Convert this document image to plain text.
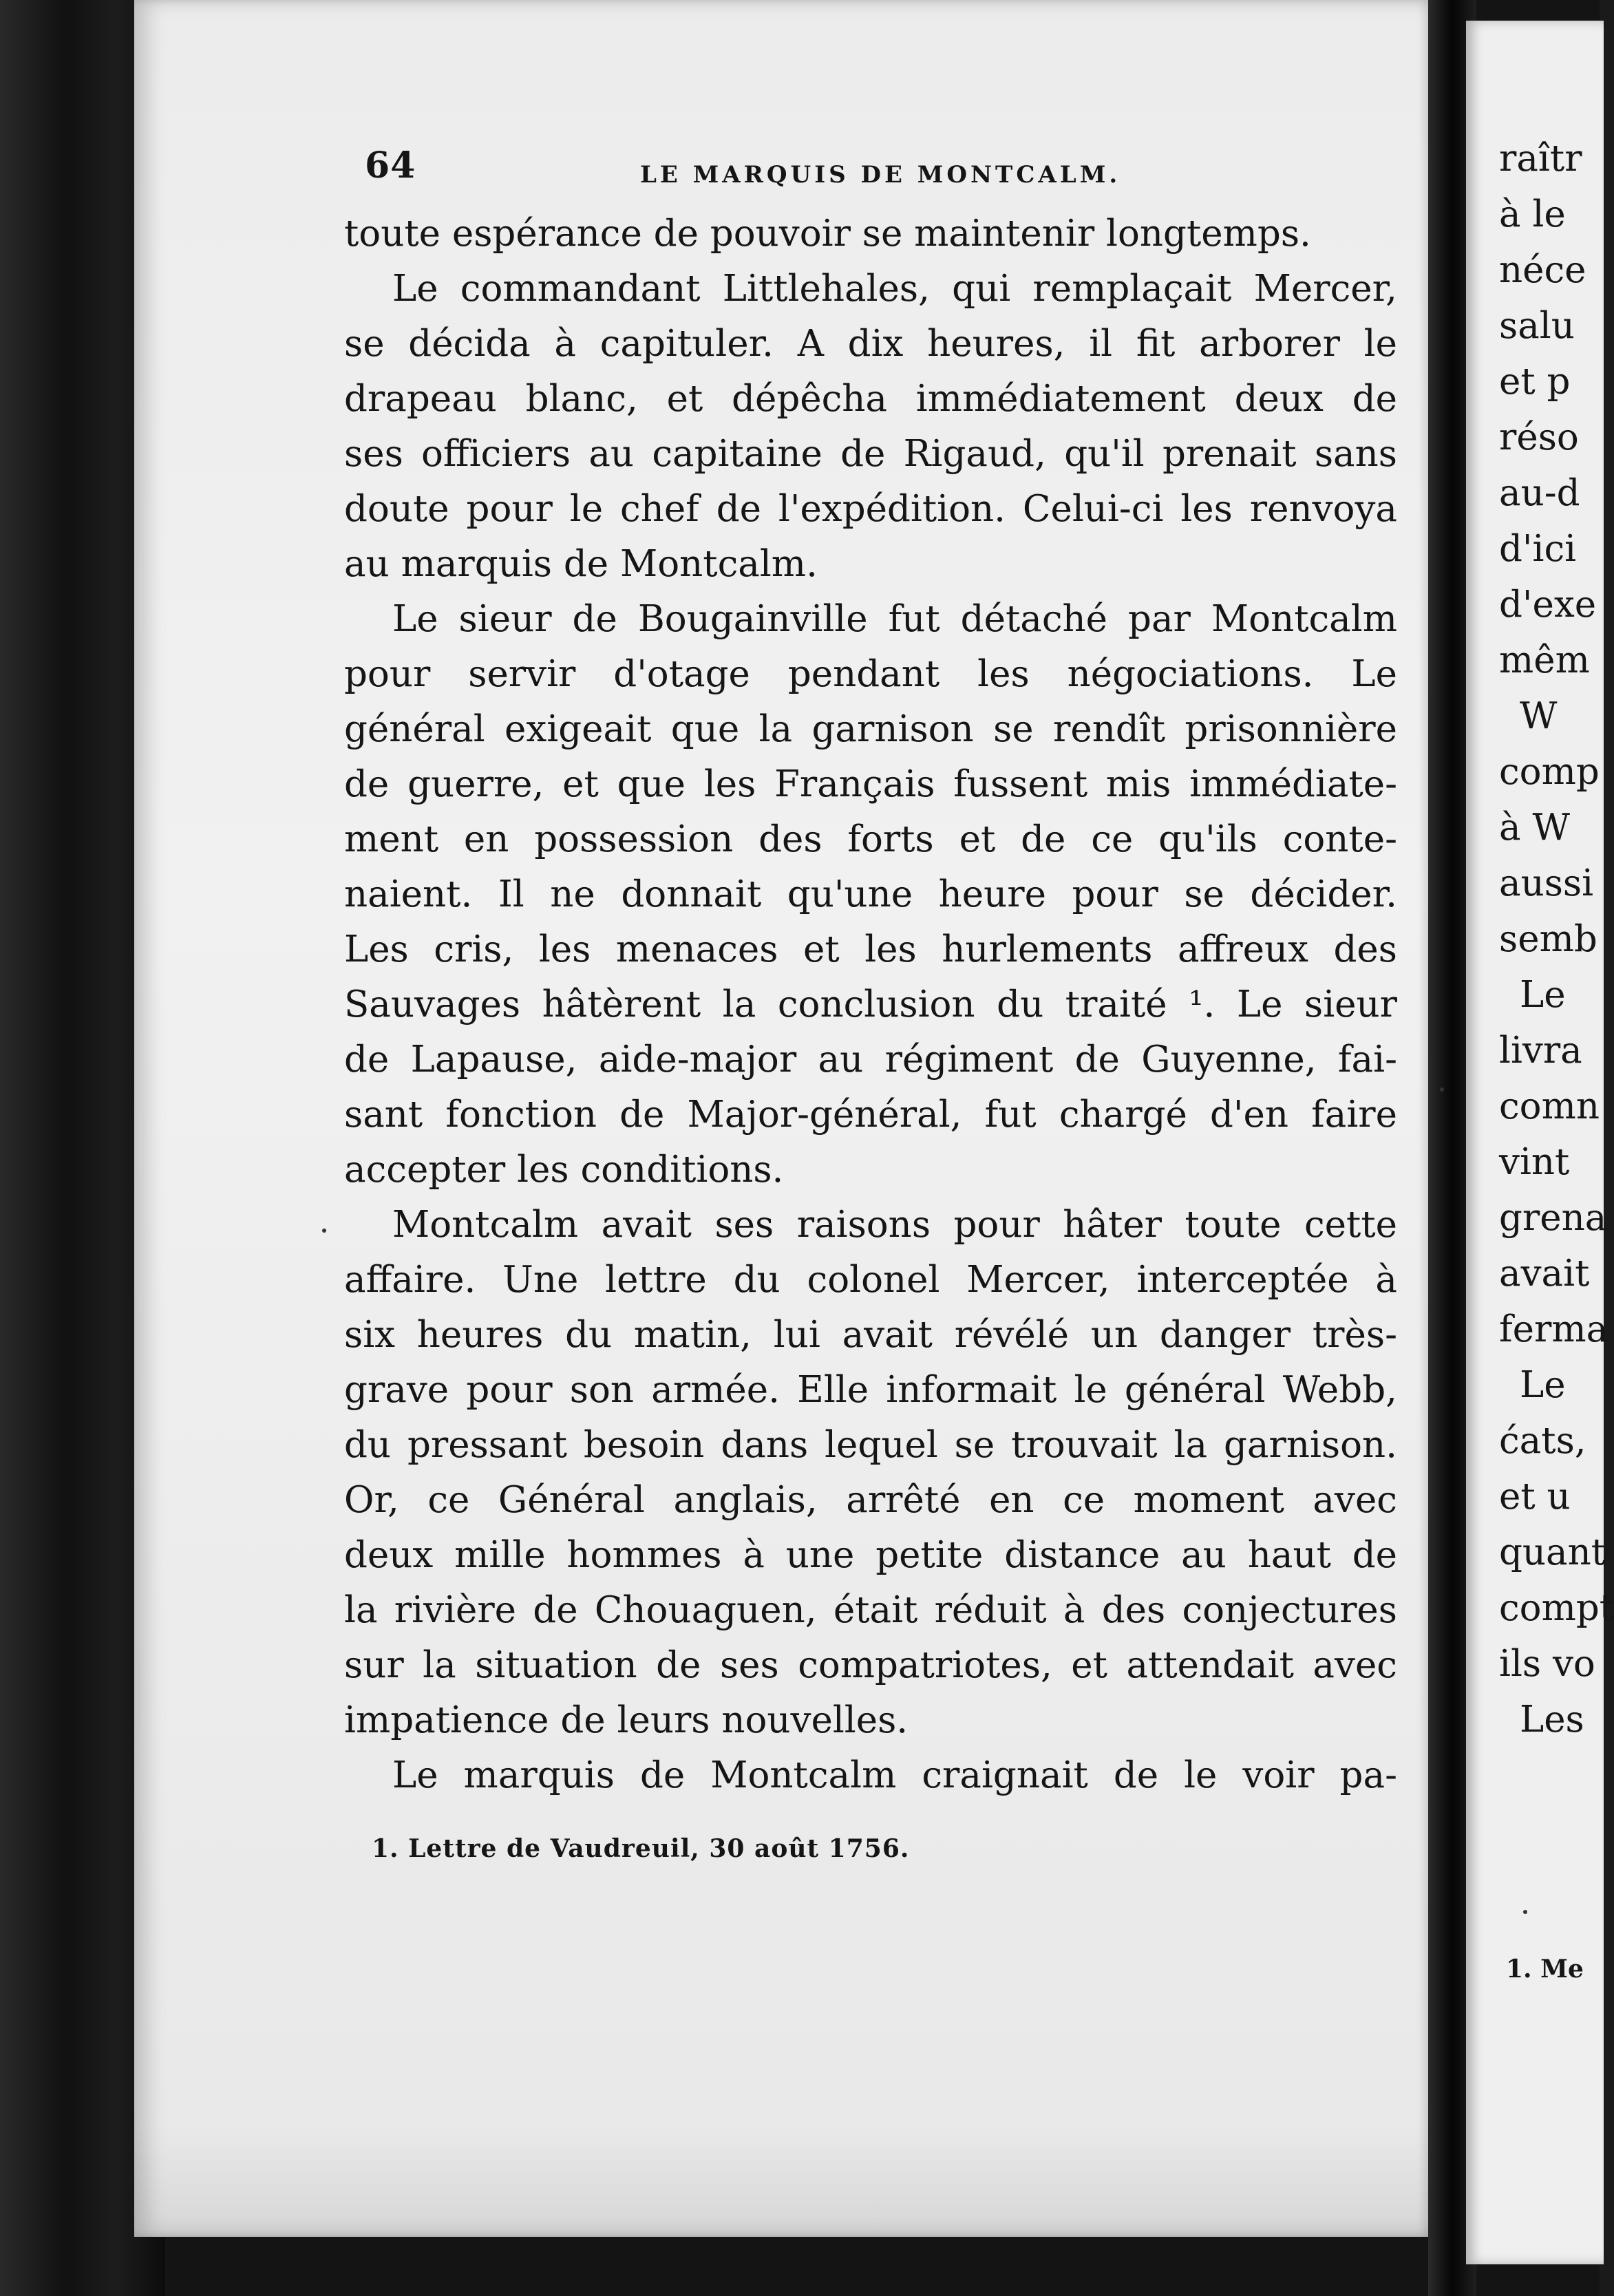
64	LE MARQUIS DE MONTCALM.

toute espérance de pouvoir se maintenir longtemps.

Le commandant Littlehales, qui remplaçait Mercer,
se décida à capituler. A dix heures, il fit arborer le
drapeau blanc, et dépêcha immédiatement deux de
ses officiers au capitaine de Rigaud, qu'il prenait sans
doute pour le chef de l'expédition. Celui-ci les renvoya
au marquis de Montcalm.

Le sieur de Bougainville fut détaché par Montcalm
pour servir d'otage pendant les négociations. Le
général exigeait que la garnison se rendît prisonnière
de guerre, et que les Français fussent mis immédiate-
ment en possession des forts et de ce qu'ils conte-
naient. Il ne donnait qu'une heure pour se décider.
Les cris, les menaces et les hurlements affreux des
Sauvages hâtèrent la conclusion du traité ¹. Le sieur
de Lapause, aide-major au régiment de Guyenne, fai-
sant fonction de Major-général, fut chargé d'en faire
accepter les conditions.

Montcalm avait ses raisons pour hâter toute cette
affaire. Une lettre du colonel Mercer, interceptée à
six heures du matin, lui avait révélé un danger très-
grave pour son armée. Elle informait le général Webb,
du pressant besoin dans lequel se trouvait la garnison.
Or, ce Général anglais, arrêté en ce moment avec
deux mille hommes à une petite distance au haut de
la rivière de Chouaguen, était réduit à des conjectures
sur la situation de ses compatriotes, et attendait avec
impatience de leurs nouvelles.

Le marquis de Montcalm craignait de le voir pa-

1. Lettre de Vaudreuil, 30 août 1756.
raîtr
à le
néce
salu
et p
réso
au-d
d'ici
d'exe
mêm
W
comp
à W
aussi
semb
Le
livra
comn
vint
grena
avait
ferma
Le
ćats,
et u
quant
compt
ils vo
Les
1. Me
